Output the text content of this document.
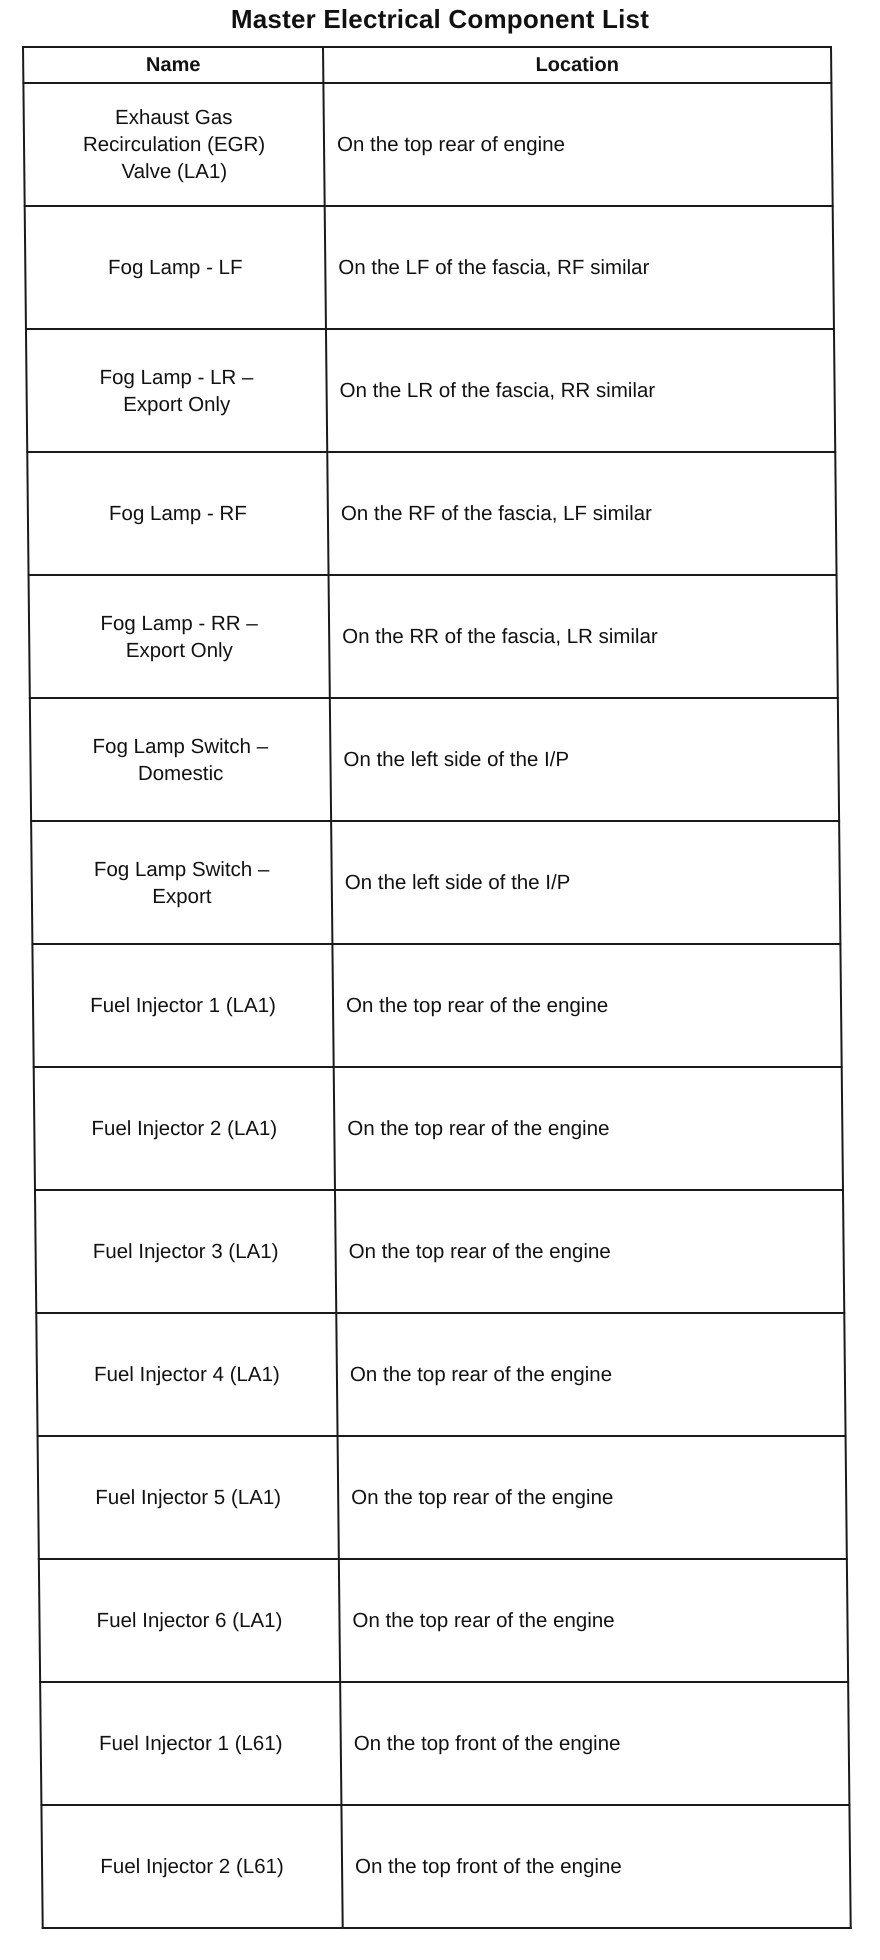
Master Electrical Component List
Name	Location

Exhaust Gas
Recirculation (EGR)
Valve (LA1)	On the top rear of engine

Fog Lamp - LF	On the LF of the fascia, RF similar

Fog Lamp - LR –
Export Only	On the LR of the fascia, RR similar

Fog Lamp - RF	On the RF of the fascia, LF similar

Fog Lamp - RR –
Export Only	On the RR of the fascia, LR similar

Fog Lamp Switch –
Domestic	On the left side of the I/P

Fog Lamp Switch –
Export	On the left side of the I/P

Fuel Injector 1 (LA1)	On the top rear of the engine

Fuel Injector 2 (LA1)	On the top rear of the engine

Fuel Injector 3 (LA1)	On the top rear of the engine

Fuel Injector 4 (LA1)	On the top rear of the engine

Fuel Injector 5 (LA1)	On the top rear of the engine

Fuel Injector 6 (LA1)	On the top rear of the engine

Fuel Injector 1 (L61)	On the top front of the engine

Fuel Injector 2 (L61)	On the top front of the engine
